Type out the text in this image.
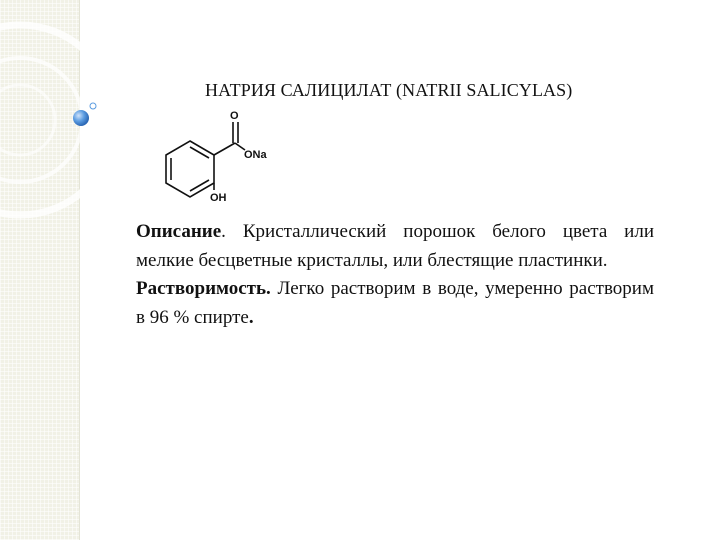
НАТРИЯ САЛИЦИЛАТ (NATRII SALICYLAS)
O
ONa
OH
Описание. Кристаллический порошок белого цвета или мелкие бесцветные кристаллы, или блестящие пластинки.
Растворимость. Легко растворим в воде, умеренно растворим в 96 % спирте.
